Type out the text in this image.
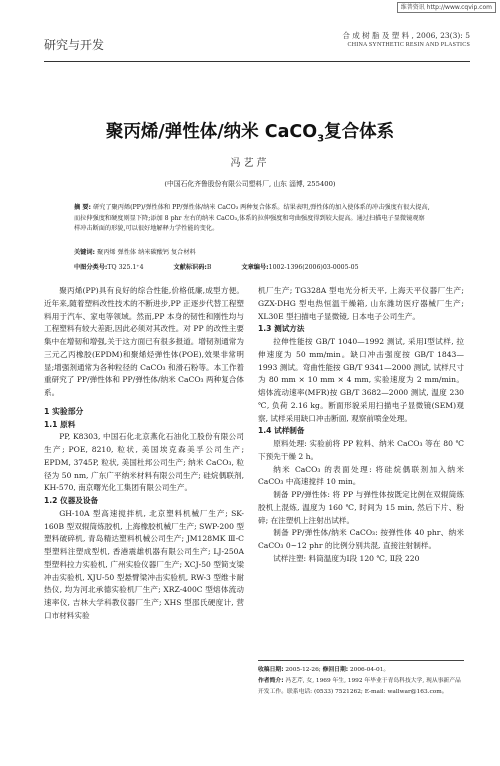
维普资讯 http://www.cqvip.com
研究与开发
合 成 树 脂 及 塑 料 , 2006, 23(3): 5
CHINA SYNTHETIC RESIN AND PLASTICS
聚丙烯/弹性体/纳米 CaCO$_3$复合体系
冯艺芹
(中国石化齐鲁股份有限公司塑料厂, 山东 淄博, 255400)
摘 要: 研究了聚丙烯(PP)/弹性体和 PP/弹性体/纳米 CaCO₃ 两种复合体系。结果表明,弹性体的加入使体系的冲击强度有很大提高,而拉伸强度和硬度则显下降;添加 8 phr 左右的纳米 CaCO₃,体系的拉伸强度和弯曲强度得到较大提高。通过扫描电子显微镜观察样冲击断面的形貌,可以很好地解释力学性能的变化。
关键词: 聚丙烯 弹性体 纳米碳酸钙 复合材料
中图分类号:TQ 325.1⁺4	文献标识码:B	文章编号:1002-1396(2006)03-0005-05
聚丙烯(PP)具有良好的综合性能,价格低廉,成型方便。近年来,随着塑料改性技术的不断进步,PP 正逐步代替工程塑料用于汽车、家电等领域。然而,PP 本身的韧性和刚性均与工程塑料有较大差距,因此必须对其改性。对 PP 的改性主要集中在增韧和增强,关于这方面已有很多报道。增韧剂通常为三元乙丙橡胶(EPDM)和聚烯烃弹性体(POE),效果非常明显;增强剂通常为各种粒径的 CaCO₃ 和滑石粉等。本工作着重研究了 PP/弹性体和 PP/弹性体/纳米 CaCO₃ 两种复合体系。
1 实验部分
1.1 原料
PP, K8303, 中国石化北京燕化石油化工股份有限公司生产; POE, 8210, 粒状, 美国埃克森美孚公司生产; EPDM, 3745P, 粒状, 美国杜邦公司生产; 纳米 CaCO₃, 粒径为 50 nm, 广东广平纳米材料有限公司生产; 硅烷偶联剂, KH-570, 南京曙光化工集团有限公司生产。
1.2 仪器及设备
GH-10A 型高速搅拌机, 北京塑料机械厂生产; SK-160B 型双辊筒炼胶机, 上海橡胶机械厂生产; SWP-200 型塑料破碎机, 青岛精达塑料机械公司生产; JM128MK Ⅲ-C 型塑料注塑成型机, 香港震雄机器有限公司生产; LJ-250A 型塑料拉力实验机, 广州实验仪器厂生产; XCJ-50 型简支梁冲击实验机, XJU-50 型悬臂梁冲击实验机, RW-3 型维卡耐热仪, 均为河北承德实验机厂生产; XRZ-400C 型熔体流动速率仪, 吉林大学科教仪器厂生产; XHS 型邵氏硬度计, 营口市材料实验
机厂生产; TG328A 型电光分析天平, 上海天平仪器厂生产; GZX-DHG 型电热恒温干燥箱, 山东潍坊医疗器械厂生产; XL30E 型扫描电子显微镜, 日本电子公司生产。
1.3 测试方法
拉伸性能按 GB/T 1040—1992 测试, 采用Ⅰ型试样, 拉伸速度为 50 mm/min。缺口冲击强度按 GB/T 1843—1993 测试。弯曲性能按 GB/T 9341—2000 测试, 试样尺寸为 80 mm × 10 mm × 4 mm, 实验速度为 2 mm/min。熔体流动速率(MFR)按 GB/T 3682—2000 测试, 温度 230 ℃, 负荷 2.16 kg。断面形貌采用扫描电子显微镜(SEM)观察, 试样采用缺口冲击断面, 观察前喷金处理。
1.4 试样制备
原料处理: 实验前将 PP 粒料、纳米 CaCO₃ 等在 80 ℃ 下预先干燥 2 h。
纳米 CaCO₃ 的表面处理: 将硅烷偶联剂加入纳米 CaCO₃ 中高速搅拌 10 min。
制备 PP/弹性体: 将 PP 与弹性体按既定比例在双辊筒炼胶机上混炼, 温度为 160 ℃, 时间为 15 min, 然后下片、粉碎; 在注塑机上注射出试样。
制备 PP/弹性体/纳米 CaCO₃: 按弹性体 40 phr、纳米 CaCO₃ 0~12 phr 的比例分别共混, 直接注射制样。
试样注塑: 料筒温度为Ⅰ段 120 ℃, Ⅱ段 220
收稿日期: 2005-12-26; 修回日期: 2006-04-01。
作者简介: 冯艺芹, 女, 1969 年生, 1992 年毕业于青岛科技大学, 现从事新产品开发工作。联系电话: (0533) 7521262; E-mail: wallwar@163.com。
